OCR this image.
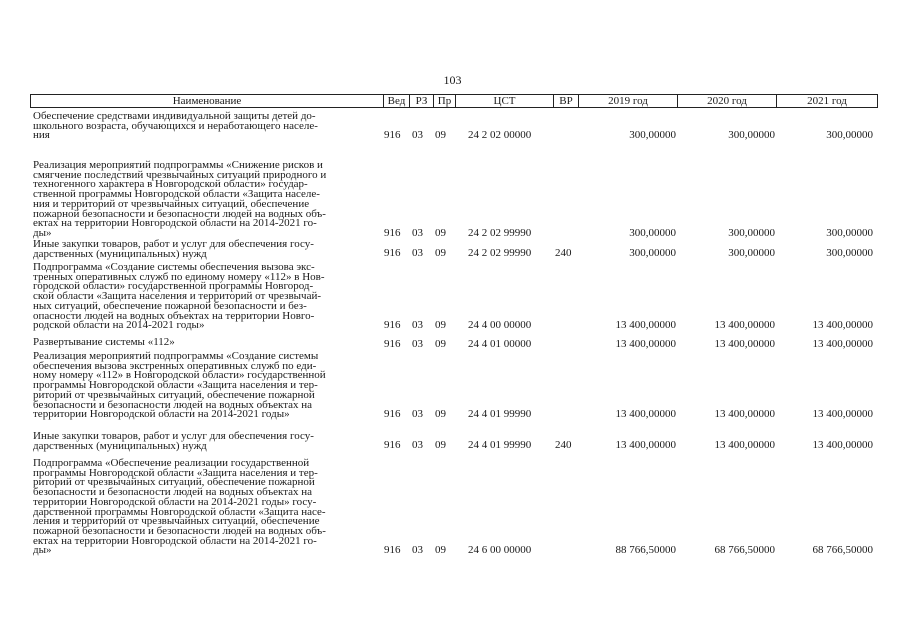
103
Наименование	Вед РЗ Пр	ЦСТ	ВР	2019 год	2020 год	2021 год
Обеспечение средствами индивидуальной защиты детей до-
школьного возраста, обучающихся и неработающего населе-
ния	916 03 09 24 2 02 00000	300,00000	300,00000	300,00000
Реализация мероприятий подпрограммы «Снижение рисков и
смягчение последствий чрезвычайных ситуаций природного и
техногенного характера в Новгородской области» государ-
ственной программы Новгородской области «Защита населе-
ния и территорий от чрезвычайных ситуаций, обеспечение
пожарной безопасности и безопасности людей на водных объ-
ектах на территории Новгородской области на 2014-2021 го-
ды»	916 03 09 24 2 02 99990	300,00000	300,00000	300,00000
Иные закупки товаров, работ и услуг для обеспечения госу-
дарственных (муниципальных) нужд	916 03 09 24 2 02 99990 240	300,00000	300,00000	300,00000
Подпрограмма «Создание системы обеспечения вызова экс-
тренных оперативных служб по единому номеру «112» в Нов-
городской области» государственной программы Новгород-
ской области «Защита населения и территорий от чрезвычай-
ных ситуаций, обеспечение пожарной безопасности и без-
опасности людей на водных объектах на территории Новго-
родской области на 2014-2021 годы»	916 03 09 24 4 00 00000	13 400,00000	13 400,00000	13 400,00000
Развертывание системы «112»	916 03 09 24 4 01 00000	13 400,00000	13 400,00000	13 400,00000
Реализация мероприятий подпрограммы «Создание системы
обеспечения вызова экстренных оперативных служб по еди-
ному номеру «112» в Новгородской области» государственной
программы Новгородской области «Защита населения и тер-
риторий от чрезвычайных ситуаций, обеспечение пожарной
безопасности и безопасности людей на водных объектах на
территории Новгородской области на 2014-2021 годы»	916 03 09 24 4 01 99990	13 400,00000	13 400,00000	13 400,00000
Иные закупки товаров, работ и услуг для обеспечения госу-
дарственных (муниципальных) нужд	916 03 09 24 4 01 99990 240	13 400,00000	13 400,00000	13 400,00000
Подпрограмма «Обеспечение реализации государственной
программы Новгородской области «Защита населения и тер-
риторий от чрезвычайных ситуаций, обеспечение пожарной
безопасности и безопасности людей на водных объектах на
территории Новгородской области на 2014-2021 годы» госу-
дарственной программы Новгородской области «Защита насе-
ления и территорий от чрезвычайных ситуаций, обеспечение
пожарной безопасности и безопасности людей на водных объ-
ектах на территории Новгородской области на 2014-2021 го-
ды»	916 03 09 24 6 00 00000	88 766,50000	68 766,50000	68 766,50000
